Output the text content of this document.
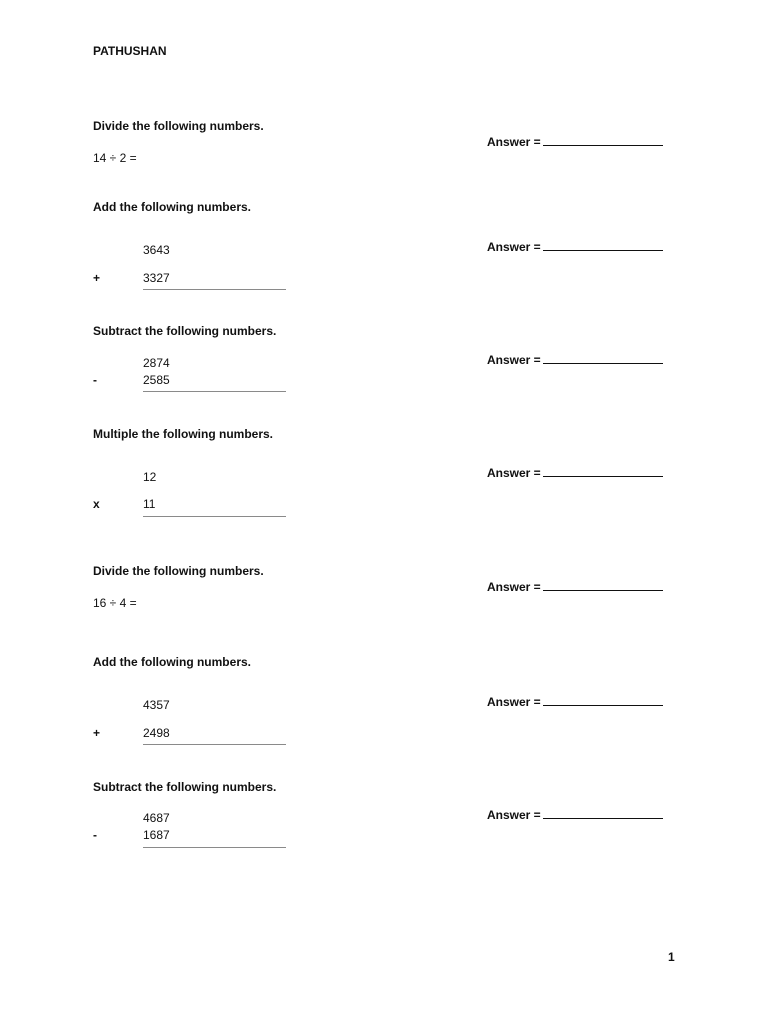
PATHUSHAN
Divide the following numbers.
14 ÷ 2 =
Answer =
Add the following numbers.
3643
+	3327
Answer =
Subtract the following numbers.
2874
-	2585
Answer =
Multiple the following numbers.
12
x	11
Answer =
Divide the following numbers.
16 ÷ 4 =
Answer =
Add the following numbers.
4357
+	2498
Answer =
Subtract the following numbers.
4687
-	1687
Answer =
1
